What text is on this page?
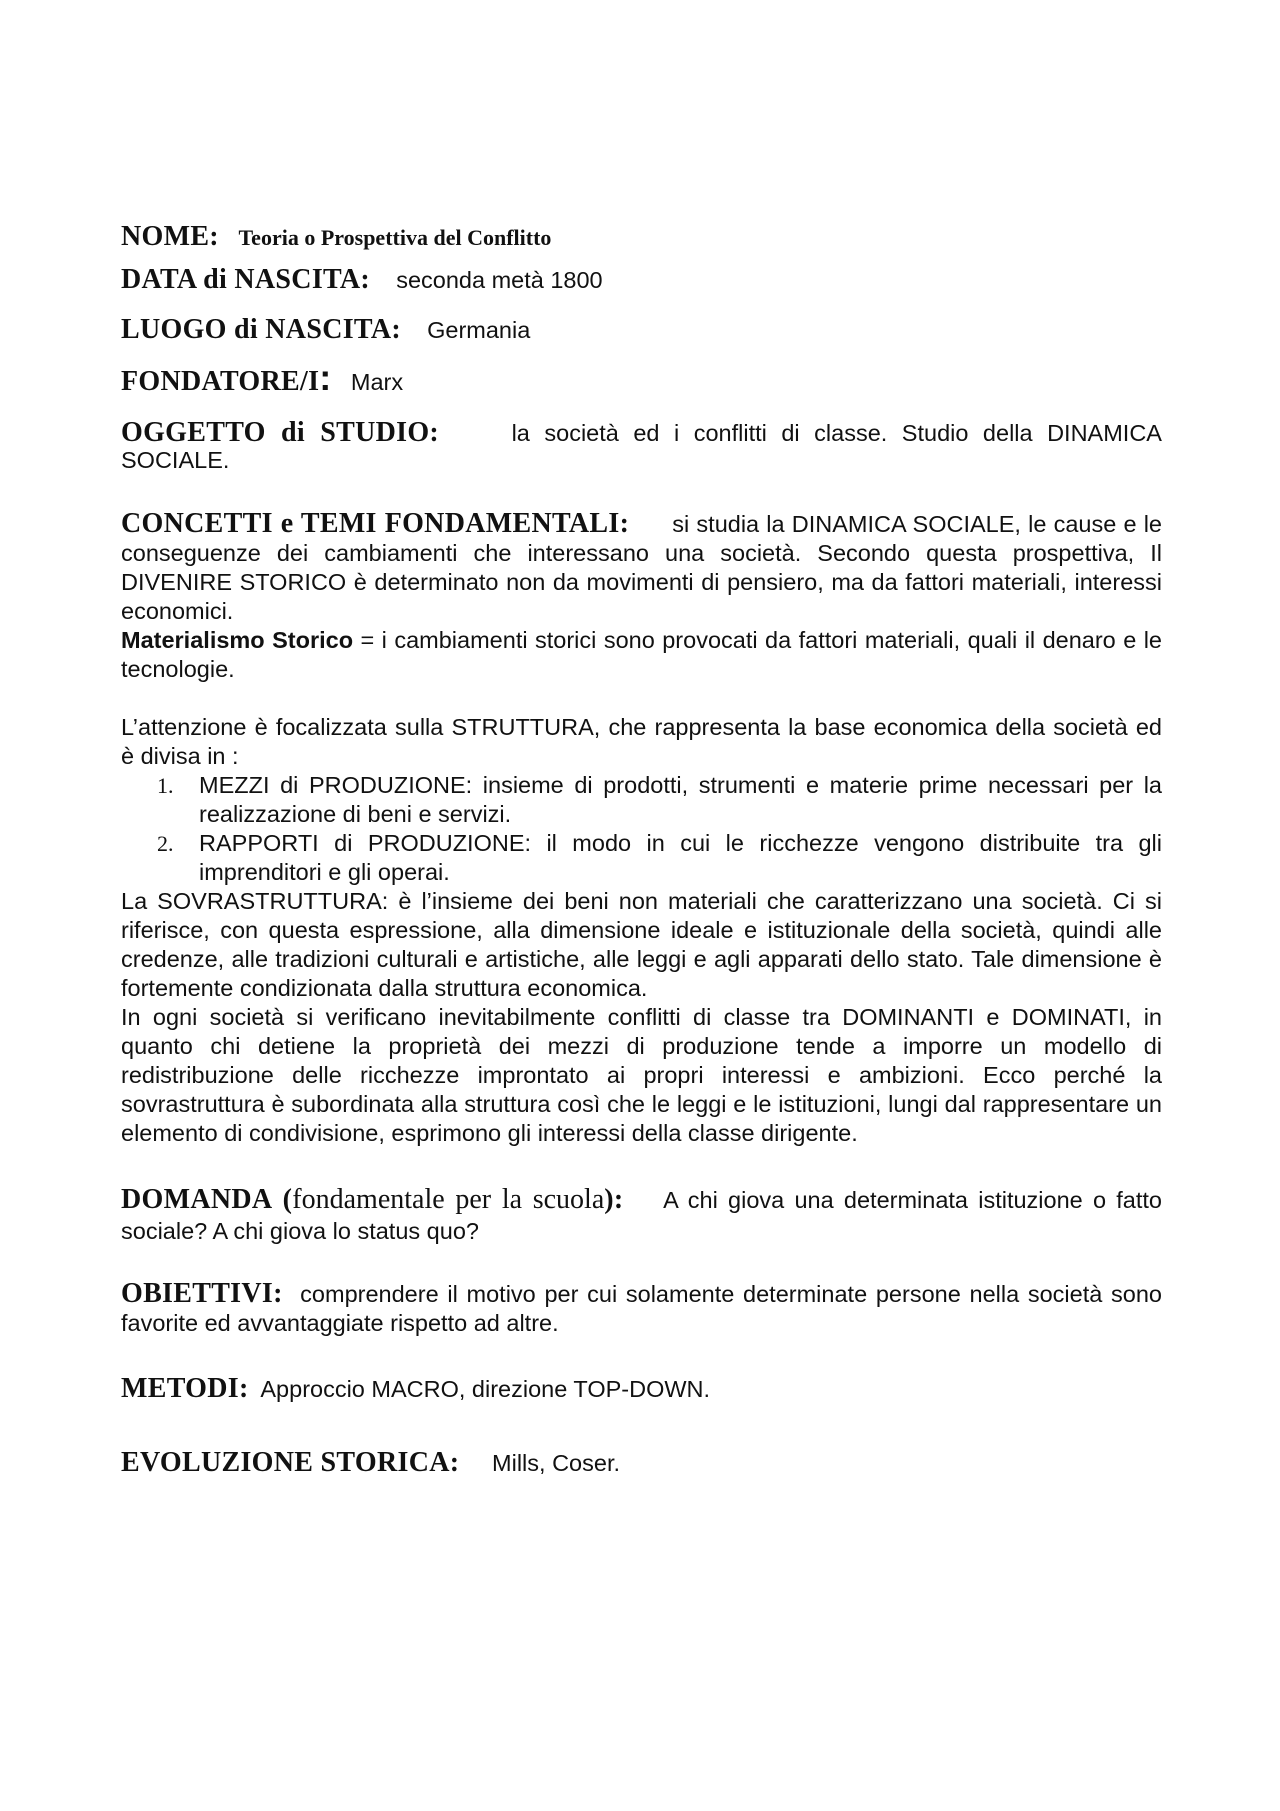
NOME: Teoria o Prospettiva del Conflitto

DATA di NASCITA: seconda metà 1800

LUOGO di NASCITA: Germania

FONDATORE/I: Marx

OGGETTO di STUDIO:	la società ed i conflitti di classe. Studio della DINAMICA

SOCIALE.

CONCETTI e TEMI FONDAMENTALI: si studia la DINAMICA SOCIALE, le cause e le conseguenze dei cambiamenti che interessano una società. Secondo questa prospettiva, Il DIVENIRE STORICO è determinato non da movimenti di pensiero, ma da fattori materiali, interessi economici.

Materialismo Storico = i cambiamenti storici sono provocati da fattori materiali, quali il denaro e le tecnologie.

L’attenzione è focalizzata sulla STRUTTURA, che rappresenta la base economica della società ed è divisa in :

1. MEZZI di PRODUZIONE: insieme di prodotti, strumenti e materie prime necessari per la realizzazione di beni e servizi.
2. RAPPORTI di PRODUZIONE: il modo in cui le ricchezze vengono distribuite tra gli imprenditori e gli operai.

La SOVRASTRUTTURA: è l’insieme dei beni non materiali che caratterizzano una società. Ci si riferisce, con questa espressione, alla dimensione ideale e istituzionale della società, quindi alle credenze, alle tradizioni culturali e artistiche, alle leggi e agli apparati dello stato. Tale dimensione è fortemente condizionata dalla struttura economica.

In ogni società si verificano inevitabilmente conflitti di classe tra DOMINANTI e DOMINATI, in quanto chi detiene la proprietà dei mezzi di produzione tende a imporre un modello di redistribuzione delle ricchezze improntato ai propri interessi e ambizioni. Ecco perché la sovrastruttura è subordinata alla struttura così che le leggi e le istituzioni, lungi dal rappresentare un elemento di condivisione, esprimono gli interessi della classe dirigente.

DOMANDA (fondamentale per la scuola): A chi giova una determinata istituzione o fatto sociale? A chi giova lo status quo?

OBIETTIVI: comprendere il motivo per cui solamente determinate persone nella società sono favorite ed avvantaggiate rispetto ad altre.

METODI: Approccio MACRO, direzione TOP-DOWN.

EVOLUZIONE STORICA: Mills, Coser.
